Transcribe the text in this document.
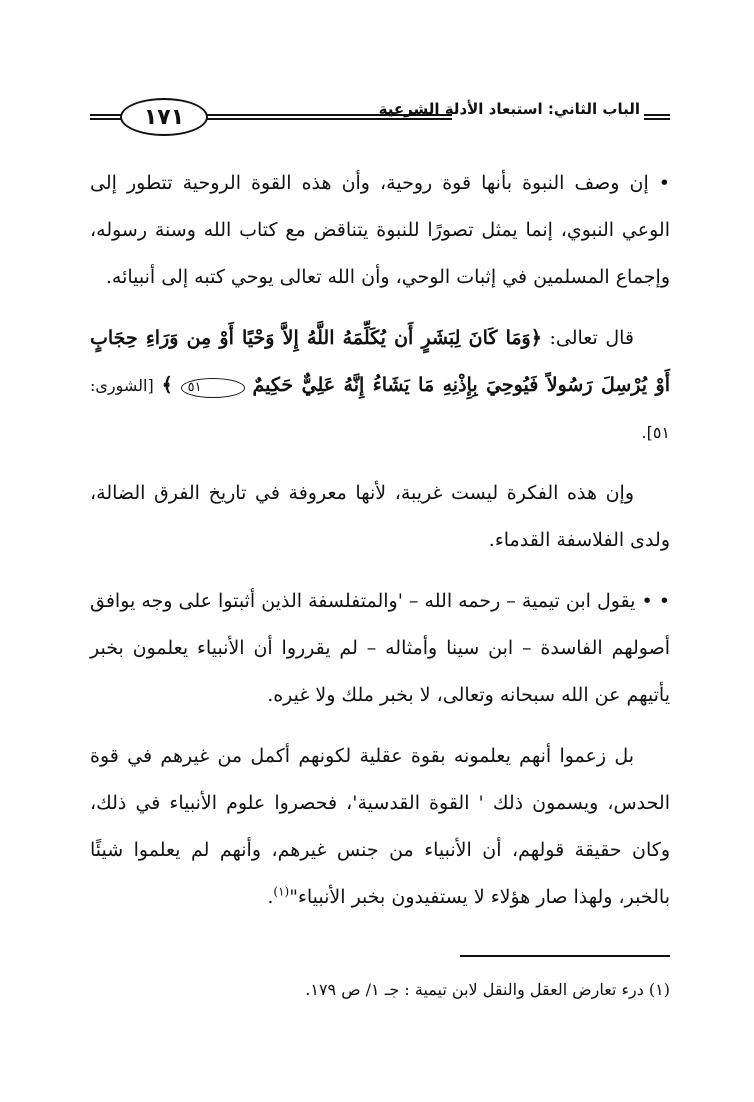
١٧١	الباب الثاني: استبعاد الأدلة الشرعية

• إن وصف النبوة بأنها قوة روحية، وأن هذه القوة الروحية تتطور إلى الوعي النبوي، إنما يمثل تصورًا للنبوة يتناقض مع كتاب الله وسنة رسوله، وإجماع المسلمين في إثبات الوحي، وأن الله تعالى يوحي كتبه إلى أنبيائه.

قال تعالى: ﴿وَمَا كَانَ لِبَشَرٍ أَن يُكَلِّمَهُ اللَّهُ إِلاَّ وَحْيًا أَوْ مِن وَرَاءِ حِجَابٍ أَوْ يُرْسِلَ رَسُولاً فَيُوحِيَ بِإِذْنِهِ مَا يَشَاءُ إِنَّهُ عَلِيٌّ حَكِيمٌ ٥١ ﴾ [الشورى: ٥١].

وإن هذه الفكرة ليست غريبة، لأنها معروفة في تاريخ الفرق الضالة، ولدى الفلاسفة القدماء.

• • يقول ابن تيمية – رحمه الله – 'والمتفلسفة الذين أثبتوا على وجه يوافق أصولهم الفاسدة – ابن سينا وأمثاله – لم يقرروا أن الأنبياء يعلمون بخبر يأتيهم عن الله سبحانه وتعالى، لا بخبر ملك ولا غيره.

بل زعموا أنهم يعلمونه بقوة عقلية لكونهم أكمل من غيرهم في قوة الحدس، ويسمون ذلك ' القوة القدسية'، فحصروا علوم الأنبياء في ذلك، وكان حقيقة قولهم، أن الأنبياء من جنس غيرهم، وأنهم لم يعلموا شيئًا بالخبر، ولهذا صار هؤلاء لا يستفيدون بخبر الأنبياء"$^{(١)}$.

(١) درء تعارض العقل والنقل لابن تيمية : جـ ١/ ص ١٧٩.
